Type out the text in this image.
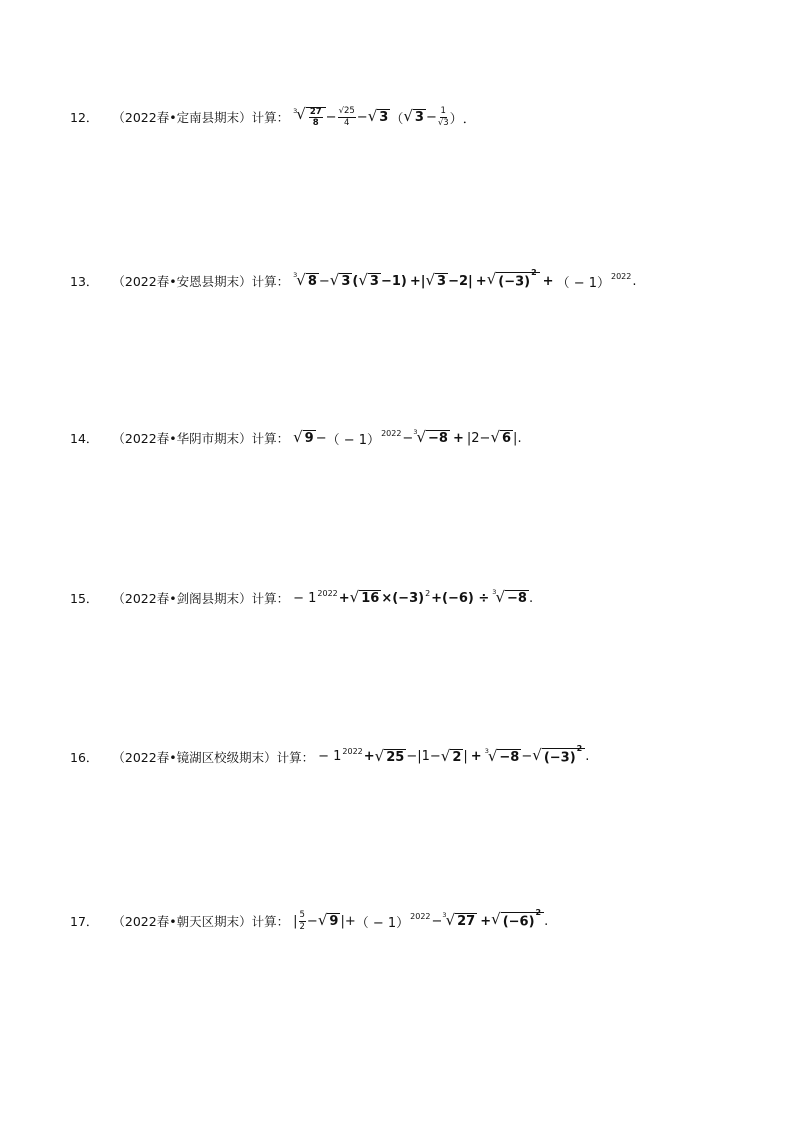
12． （2022春•定南县期末） 计算： 3 √ $\frac{27}{8} - \frac{√25}{4}$ − √ 3 （ √ $3 - \frac{1}{√3}$ ） ．
13． （2022春•安恩县期末） 计算： 3 √ 8 − √ 3 ( √ 3 −1) + | √ 3 −2| + √ $(-3)^2$
+ （ − 1） 2022 .
14． （2022春•华阴市期末） 计算： √ 9 − （ − 1） 2022 − 3 √ −8 + |2− √ 6 | .
15． （2022春•剑阁县期末） 计算： − 1 2022 + √ 16 × (−3) 2 +(−6) ÷ 3 √ −8 .
16． （2022春•镜湖区校级期末） 计算： − 1 2022 + √ 25 − |1− √ 2 | + 3 √ −8 − √ $(-3)^2$
.
17． （2022春•朝天区期末） 计算： | $\frac{5}{2}$ − √ 9 |+ （ − 1） 2022 − 3 √ 27 + √ $(-6)^2$
.
